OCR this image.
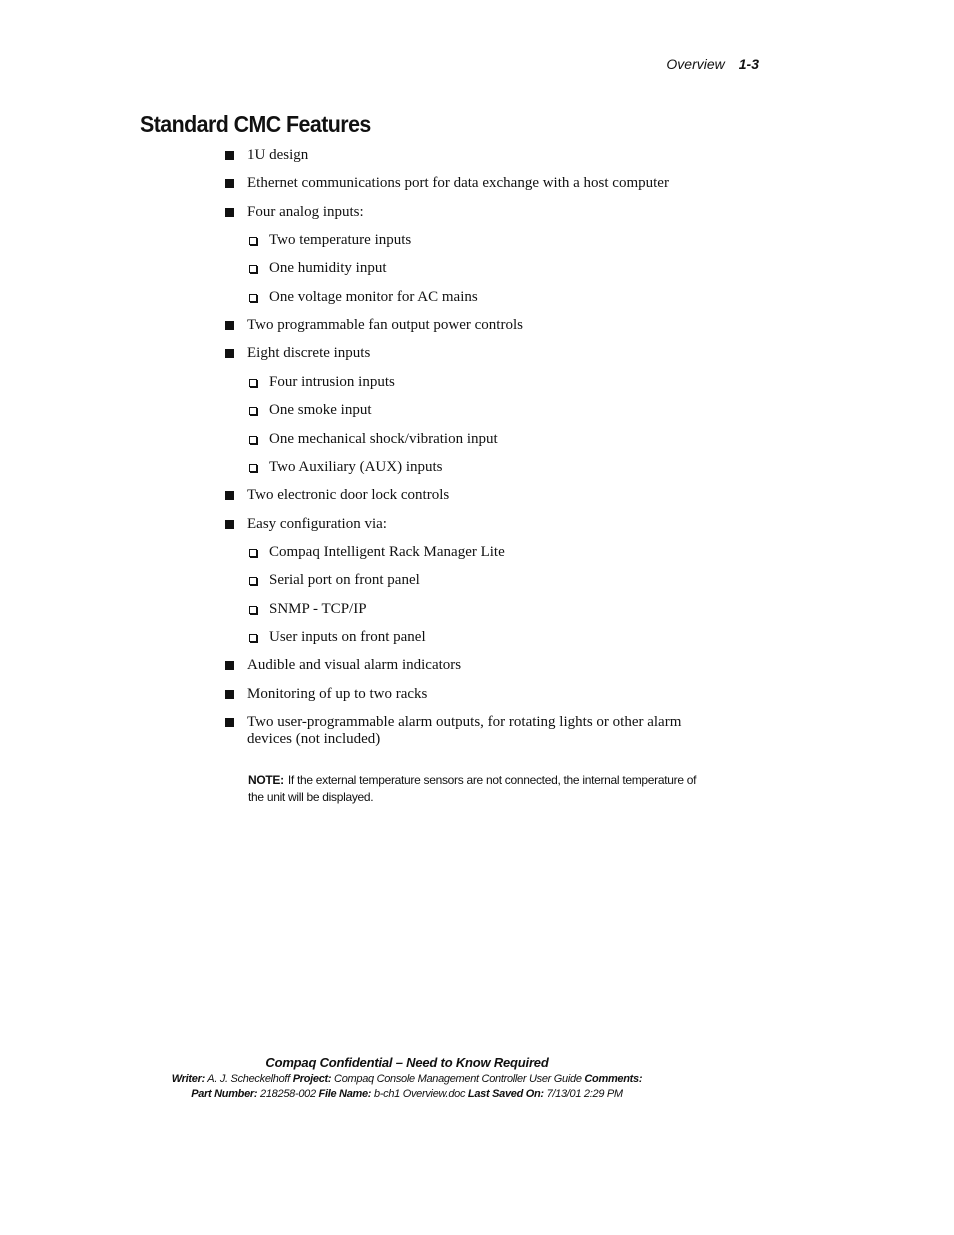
Overview 1-3
Standard CMC Features
1U design
Ethernet communications port for data exchange with a host computer
Four analog inputs:
Two temperature inputs
One humidity input
One voltage monitor for AC mains
Two programmable fan output power controls
Eight discrete inputs
Four intrusion inputs
One smoke input
One mechanical shock/vibration input
Two Auxiliary (AUX) inputs
Two electronic door lock controls
Easy configuration via:
Compaq Intelligent Rack Manager Lite
Serial port on front panel
SNMP - TCP/IP
User inputs on front panel
Audible and visual alarm indicators
Monitoring of up to two racks
Two user-programmable alarm outputs, for rotating lights or other alarm
devices (not included)
NOTE: If the external temperature sensors are not connected, the internal temperature of
the unit will be displayed.
Compaq Confidential – Need to Know Required
Writer: A. J. Scheckelhoff Project: Compaq Console Management Controller User Guide Comments:
Part Number: 218258-002 File Name: b-ch1 Overview.doc Last Saved On: 7/13/01 2:29 PM
